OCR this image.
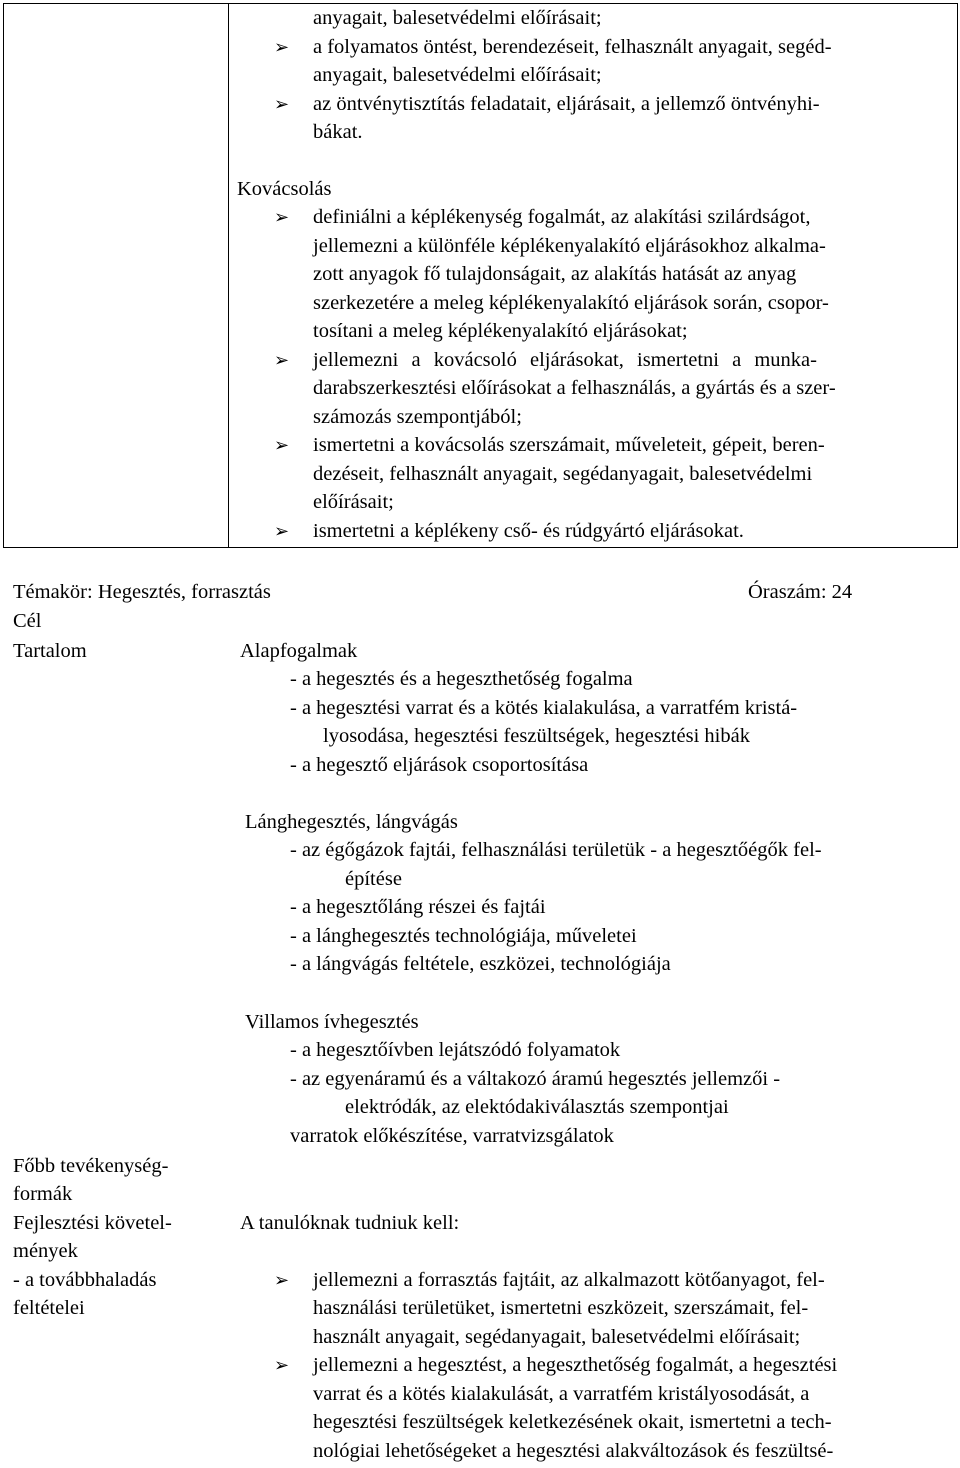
anyagait, balesetvédelmi előírásait;
➢ a folyamatos öntést, berendezéseit, felhasznált anyagait, segéd-
anyagait, balesetvédelmi előírásait;
➢ az öntvénytisztítás feladatait, eljárásait, a jellemző öntvényhi-
bákat.
Kovácsolás
➢ definiálni a képlékenység fogalmát, az alakítási szilárdságot,
jellemezni a különféle képlékenyalakító eljárásokhoz alkalma-
zott anyagok fő tulajdonságait, az alakítás hatását az anyag
szerkezetére a meleg képlékenyalakító eljárások során, csopor-
tosítani a meleg képlékenyalakító eljárásokat;
➢ jellemezni a kovácsoló eljárásokat, ismertetni a munka-
darabszerkesztési előírásokat a felhasználás, a gyártás és a szer-
számozás szempontjából;
➢ ismertetni a kovácsolás szerszámait, műveleteit, gépeit, beren-
dezéseit, felhasznált anyagait, segédanyagait, balesetvédelmi
előírásait;
➢ ismertetni a képlékeny cső- és rúdgyártó eljárásokat.
Témakör: Hegesztés, forrasztás	Óraszám: 24
Cél
Tartalom
Főbb tevékenység-
formák
Fejlesztési követel-
mények
- a továbbhaladás
feltételei
Alapfogalmak
- a hegesztés és a hegeszthetőség fogalma
- a hegesztési varrat és a kötés kialakulása, a varratfém kristá-
lyosodása, hegesztési feszültségek, hegesztési hibák
- a hegesztő eljárások csoportosítása
Lánghegesztés, lángvágás
- az égőgázok fajtái, felhasználási területük - a hegesztőégők fel-
építése
- a hegesztőláng részei és fajtái
- a lánghegesztés technológiája, műveletei
- a lángvágás feltétele, eszközei, technológiája
Villamos ívhegesztés
- a hegesztőívben lejátszódó folyamatok
- az egyenáramú és a váltakozó áramú hegesztés jellemzői -
elektródák, az elektódakiválasztás szempontjai
varratok előkészítése, varratvizsgálatok
A tanulóknak tudniuk kell:
➢ jellemezni a forrasztás fajtáit, az alkalmazott kötőanyagot, fel-
használási területüket, ismertetni eszközeit, szerszámait, fel-
használt anyagait, segédanyagait, balesetvédelmi előírásait;
➢ jellemezni a hegesztést, a hegeszthetőség fogalmát, a hegesztési
varrat és a kötés kialakulását, a varratfém kristályosodását, a
hegesztési feszültségek keletkezésének okait, ismertetni a tech-
nológiai lehetőségeket a hegesztési alakváltozások és feszültsé-
